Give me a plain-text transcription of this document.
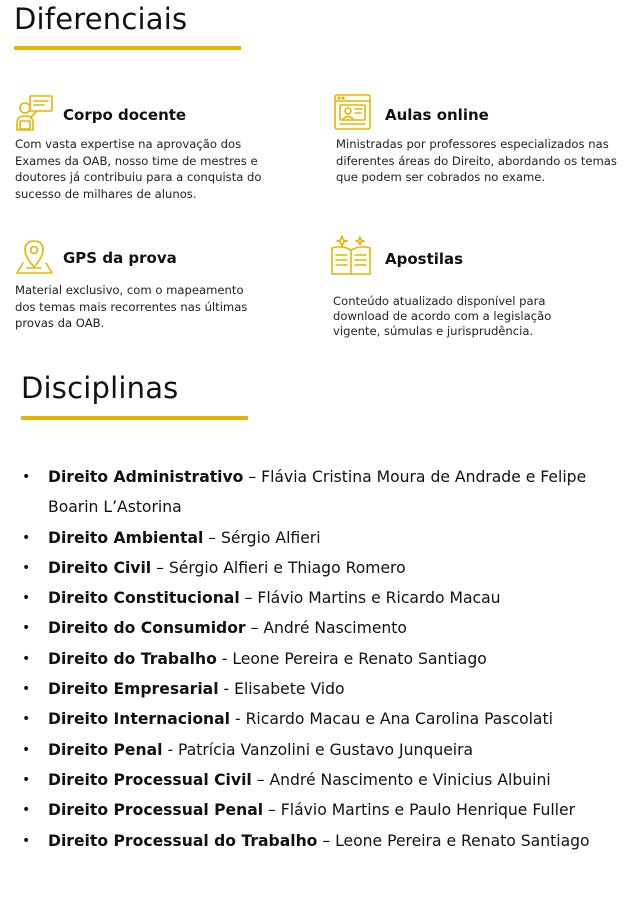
Diferenciais
Corpo docente

Com vasta expertise na aprovação dos Exames da OAB, nosso time de mestres e doutores já contribuiu para a conquista do sucesso de milhares de alunos.

Aulas online

Ministradas por professores especializados nas diferentes áreas do Direito, abordando os temas que podem ser cobrados no exame.

GPS da prova

Material exclusivo, com o mapeamento dos temas mais recorrentes nas últimas provas da OAB.

Apostilas

Conteúdo atualizado disponível para download de acordo com a legislação vigente, súmulas e jurisprudência.

Disciplinas
• Direito Administrativo – Flávia Cristina Moura de Andrade e Felipe Boarin L’Astorina
• Direito Ambiental – Sérgio Alfieri
• Direito Civil – Sérgio Alfieri e Thiago Romero
• Direito Constitucional – Flávio Martins e Ricardo Macau
• Direito do Consumidor – André Nascimento
• Direito do Trabalho - Leone Pereira e Renato Santiago
• Direito Empresarial - Elisabete Vido
• Direito Internacional - Ricardo Macau e Ana Carolina Pascolati
• Direito Penal - Patrícia Vanzolini e Gustavo Junqueira
• Direito Processual Civil – André Nascimento e Vinicius Albuini
• Direito Processual Penal – Flávio Martins e Paulo Henrique Fuller
• Direito Processual do Trabalho – Leone Pereira e Renato Santiago
